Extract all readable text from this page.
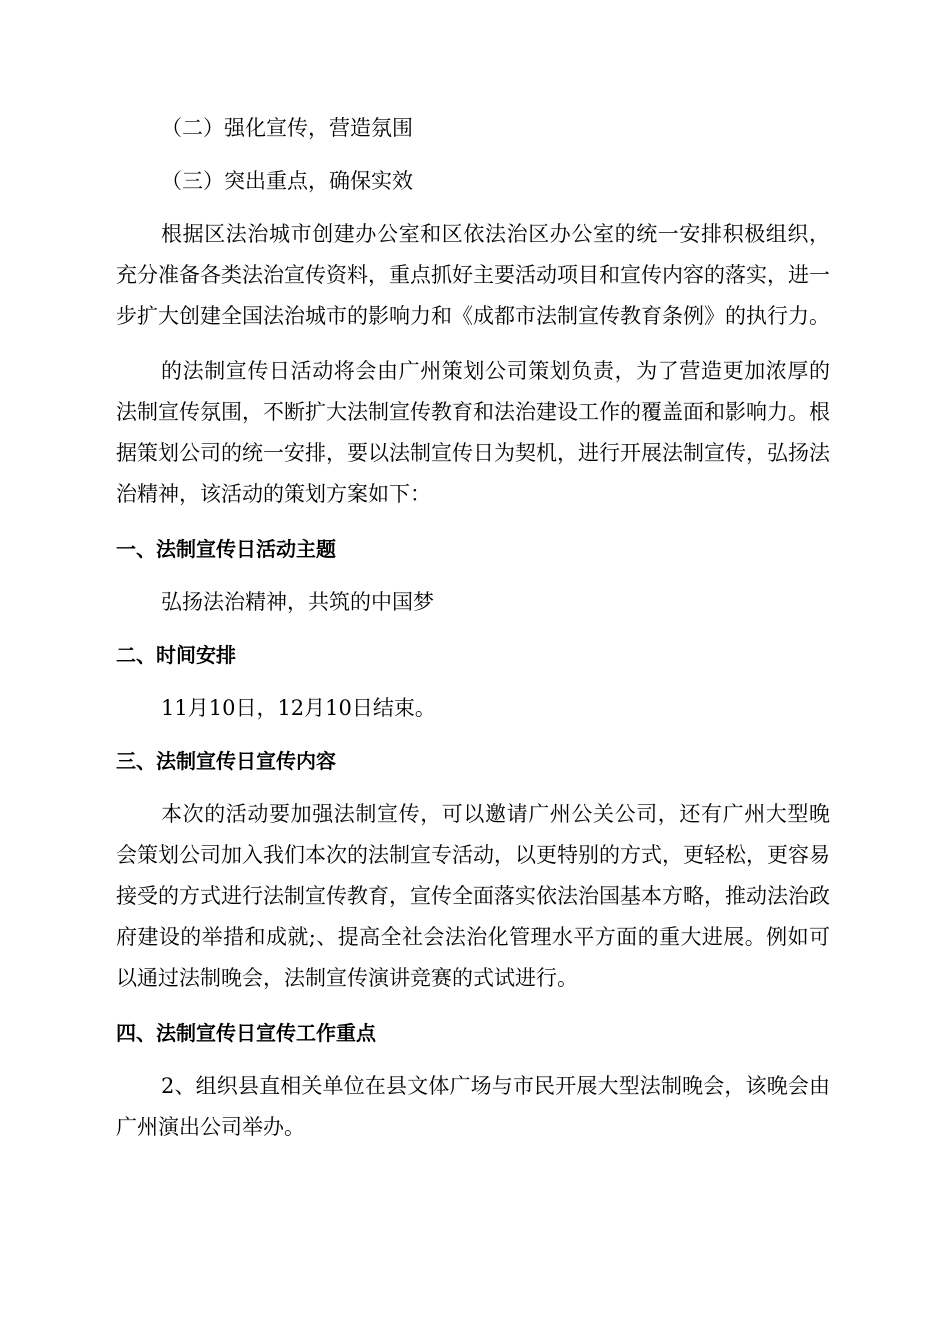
（二）强化宣传，营造氛围

（三）突出重点，确保实效

根据区法治城市创建办公室和区依法治区办公室的统一安排积极组织，充分准备各类法治宣传资料，重点抓好主要活动项目和宣传内容的落实，进一步扩大创建全国法治城市的影响力和《成都市法制宣传教育条例》的执行力。

的法制宣传日活动将会由广州策划公司策划负责，为了营造更加浓厚的法制宣传氛围，不断扩大法制宣传教育和法治建设工作的覆盖面和影响力。根据策划公司的统一安排，要以法制宣传日为契机，进行开展法制宣传，弘扬法治精神，该活动的策划方案如下：

一、法制宣传日活动主题

弘扬法治精神，共筑的中国梦

二、时间安排

11月10日，12月10日结束。

三、法制宣传日宣传内容

本次的活动要加强法制宣传，可以邀请广州公关公司，还有广州大型晚会策划公司加入我们本次的法制宣专活动，以更特别的方式，更轻松，更容易接受的方式进行法制宣传教育，宣传全面落实依法治国基本方略，推动法治政府建设的举措和成就;、提高全社会法治化管理水平方面的重大进展。例如可以通过法制晚会，法制宣传演讲竞赛的式试进行。

四、法制宣传日宣传工作重点

2、组织县直相关单位在县文体广场与市民开展大型法制晚会，该晚会由广州演出公司举办。
